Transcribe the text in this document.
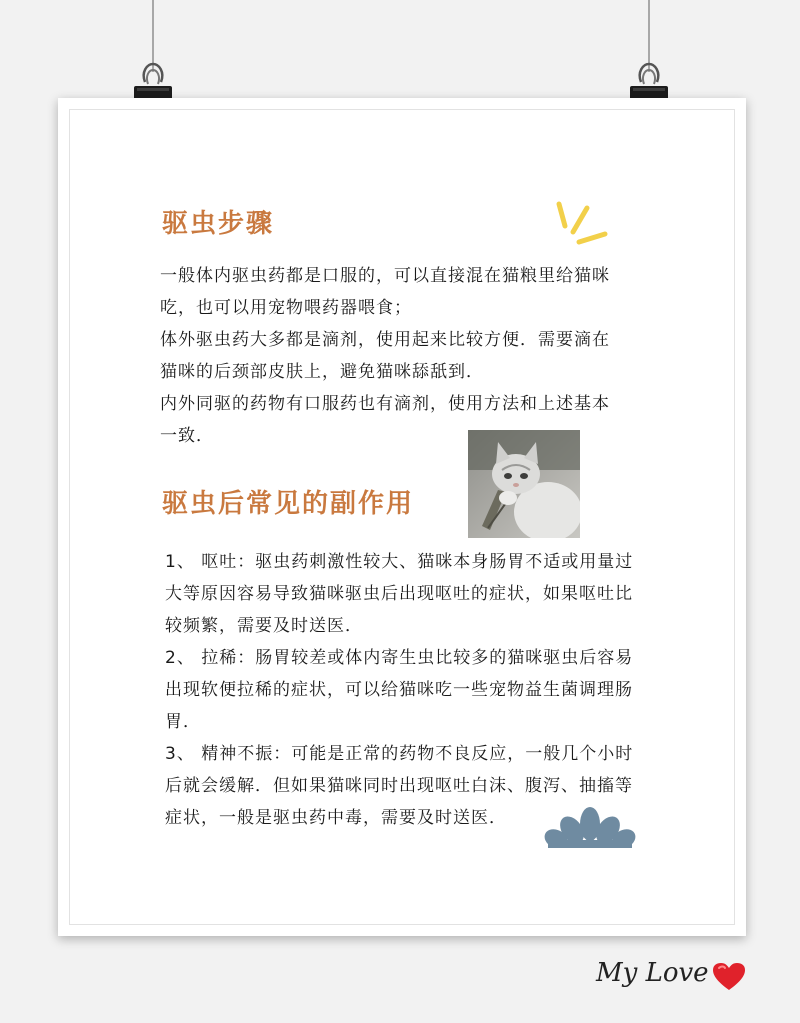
驱虫步骤
一般体内驱虫药都是口服的，可以直接混在猫粮里给猫咪
吃，也可以用宠物喂药器喂食；
体外驱虫药大多都是滴剂，使用起来比较方便．需要滴在
猫咪的后颈部皮肤上，避免猫咪舔舐到．
内外同驱的药物有口服药也有滴剂，使用方法和上述基本
一致．
驱虫后常见的副作用
1、 呕吐：驱虫药刺激性较大、猫咪本身肠胃不适或用量过
大等原因容易导致猫咪驱虫后出现呕吐的症状，如果呕吐比
较频繁，需要及时送医．
2、 拉稀：肠胃较差或体内寄生虫比较多的猫咪驱虫后容易
出现软便拉稀的症状，可以给猫咪吃一些宠物益生菌调理肠
胃．
3、 精神不振：可能是正常的药物不良反应，一般几个小时
后就会缓解．但如果猫咪同时出现呕吐白沫、腹泻、抽搐等
症状，一般是驱虫药中毒，需要及时送医．
My Love
